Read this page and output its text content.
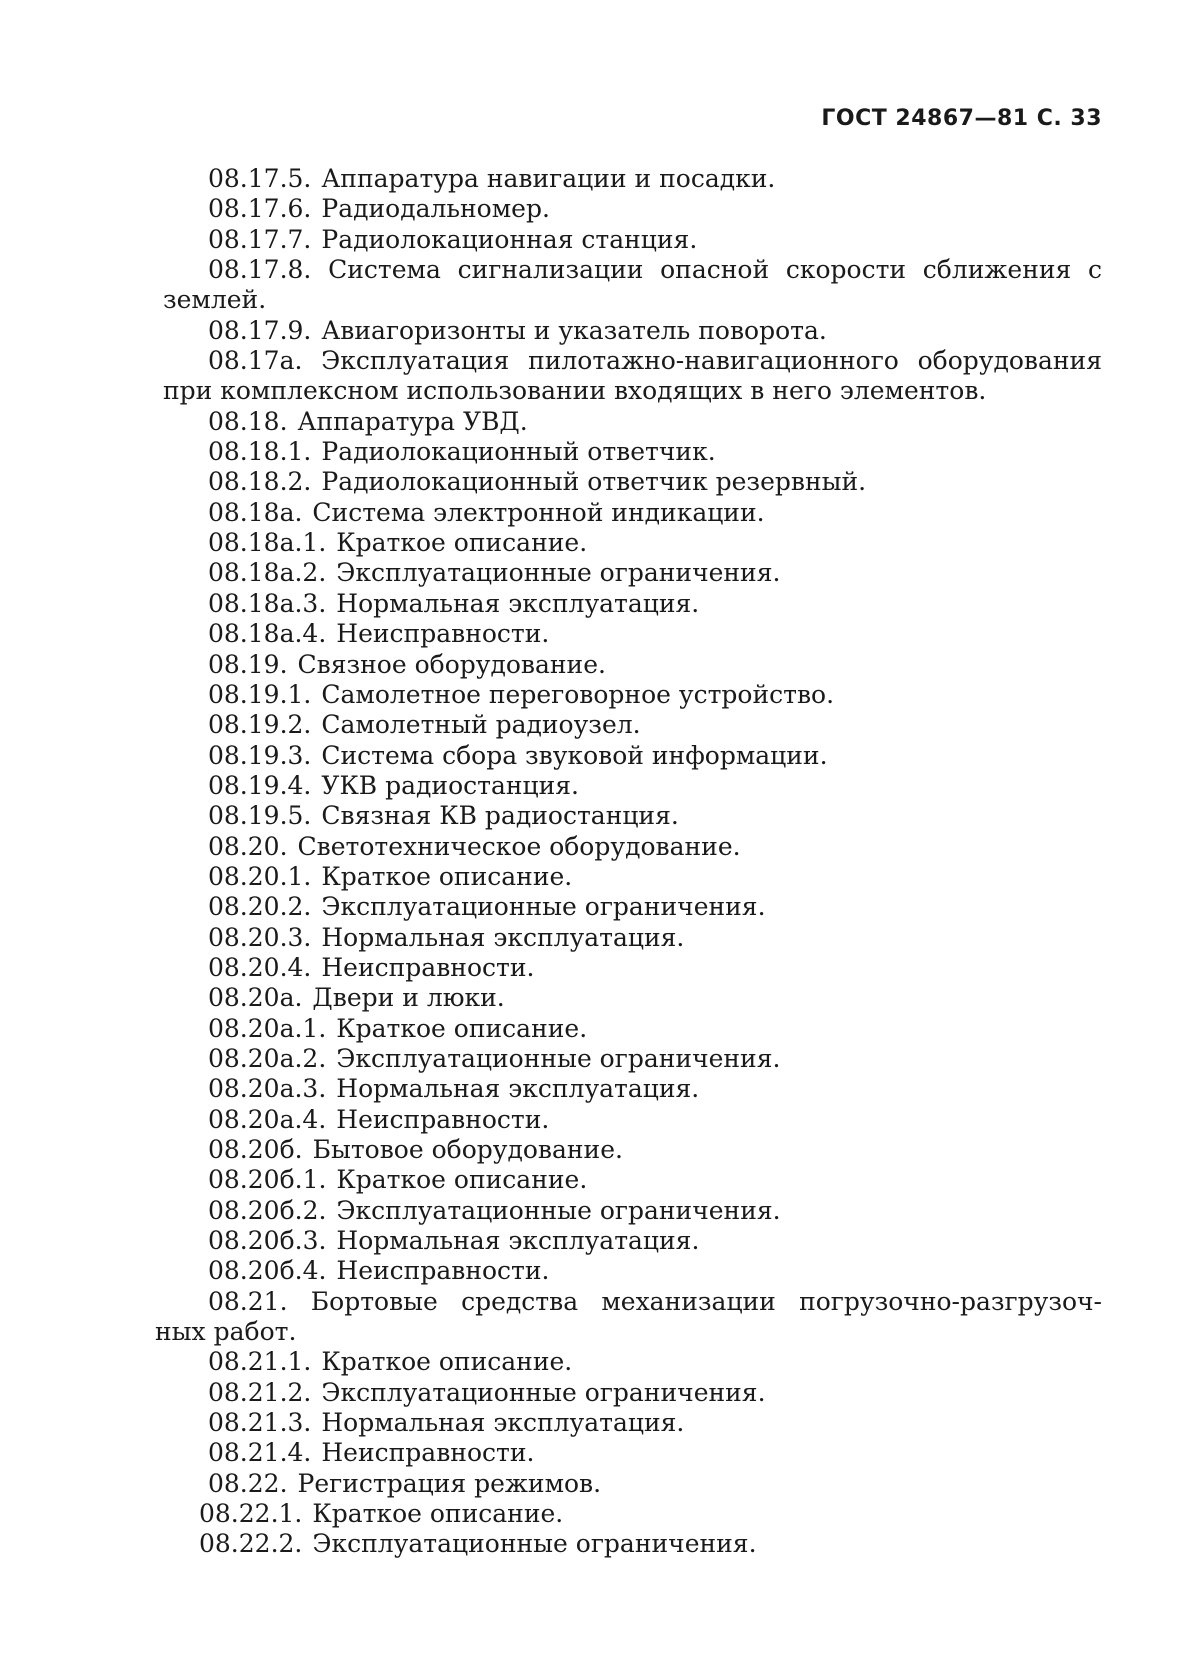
ГОСТ 24867—81 С. 33
08.17.5. Аппаратура навигации и посадки.
08.17.6. Радиодальномер.
08.17.7. Радиолокационная станция.
08.17.8. Система сигнализации опасной скорости сближения с
землей.
08.17.9. Авиагоризонты и указатель поворота.
08.17а. Эксплуатация пилотажно-навигационного оборудования
при комплексном использовании входящих в него элементов.
08.18. Аппаратура УВД.
08.18.1. Радиолокационный ответчик.
08.18.2. Радиолокационный ответчик резервный.
08.18а. Система электронной индикации.
08.18а.1. Краткое описание.
08.18а.2. Эксплуатационные ограничения.
08.18а.3. Нормальная эксплуатация.
08.18а.4. Неисправности.
08.19. Связное оборудование.
08.19.1. Самолетное переговорное устройство.
08.19.2. Самолетный радиоузел.
08.19.3. Система сбора звуковой информации.
08.19.4. УКВ радиостанция.
08.19.5. Связная КВ радиостанция.
08.20. Светотехническое оборудование.
08.20.1. Краткое описание.
08.20.2. Эксплуатационные ограничения.
08.20.3. Нормальная эксплуатация.
08.20.4. Неисправности.
08.20а. Двери и люки.
08.20а.1. Краткое описание.
08.20а.2. Эксплуатационные ограничения.
08.20а.3. Нормальная эксплуатация.
08.20а.4. Неисправности.
08.20б. Бытовое оборудование.
08.20б.1. Краткое описание.
08.20б.2. Эксплуатационные ограничения.
08.20б.3. Нормальная эксплуатация.
08.20б.4. Неисправности.
08.21. Бортовые средства механизации погрузочно-разгрузоч-
ных работ.
08.21.1. Краткое описание.
08.21.2. Эксплуатационные ограничения.
08.21.3. Нормальная эксплуатация.
08.21.4. Неисправности.
08.22. Регистрация режимов.
08.22.1. Краткое описание.
08.22.2. Эксплуатационные ограничения.
